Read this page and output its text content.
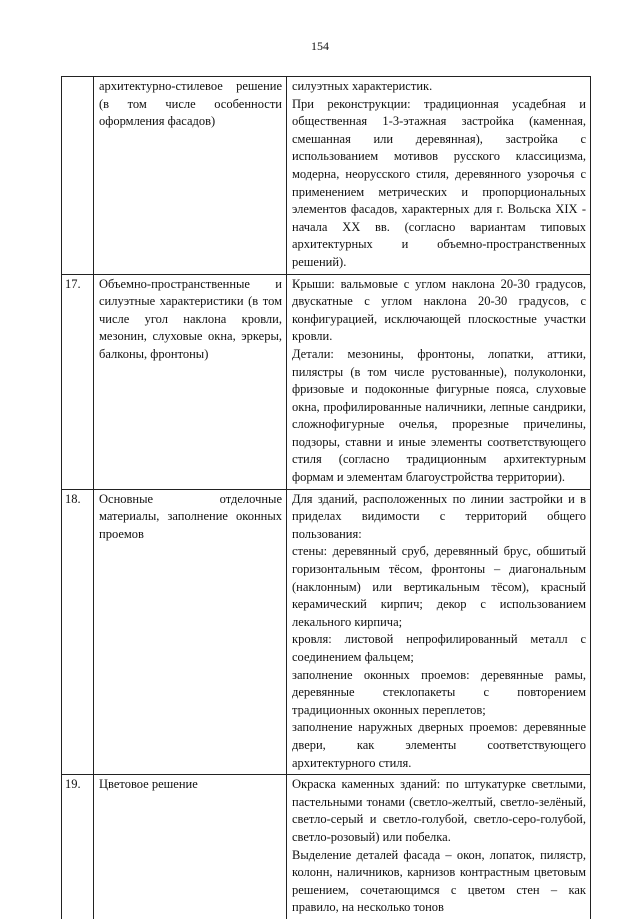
154
	архитектурно-стилевое решение (в том числе особенности оформления фасадов)	силуэтных характеристик.
При реконструкции: традиционная усадебная и общественная 1-3-этажная застройка (каменная, смешанная или деревянная), застройка с использованием мотивов русского классицизма, модерна, неорусского стиля, деревянного узорочья с применением метрических и пропорциональных элементов фасадов, характерных для г. Вольска XIX - начала XX вв. (согласно вариантам типовых архитектурных и объемно-пространственных решений).

17.	Объемно-пространственные и силуэтные характеристики (в том числе угол наклона кровли, мезонин, слуховые окна, эркеры, балконы, фронтоны)	Крыши: вальмовые с углом наклона 20-30 градусов, двускатные с углом наклона 20-30 градусов, с конфигурацией, исключающей плоскостные участки кровли.
Детали: мезонины, фронтоны, лопатки, аттики, пилястры (в том числе рустованные), полуколонки, фризовые и подоконные фигурные пояса, слуховые окна, профилированные наличники, лепные сандрики, сложнофигурные очелья, прорезные причелины, подзоры, ставни и иные элементы соответствующего стиля (согласно традиционным архитектурным формам и элементам благоустройства территории).

18.	Основные отделочные материалы, заполнение оконных проемов	Для зданий, расположенных по линии застройки и в приделах видимости с территорий общего пользования:
стены: деревянный сруб, деревянный брус, обшитый горизонтальным тёсом, фронтоны – диагональным (наклонным) или вертикальным тёсом), красный керамический кирпич; декор с использованием лекального кирпича;
кровля: листовой непрофилированный металл с соединением фальцем;
заполнение оконных проемов: деревянные рамы, деревянные стеклопакеты с повторением традиционных оконных переплетов;
заполнение наружных дверных проемов: деревянные двери, как элементы соответствующего архитектурного стиля.

19.	Цветовое решение	Окраска каменных зданий: по штукатурке светлыми, пастельными тонами (светло-желтый, светло-зелёный, светло-серый и светло-голубой, светло-серо-голубой, светло-розовый) или побелка.
Выделение деталей фасада – окон, лопаток, пилястр, колонн, наличников, карнизов контрастным цветовым решением, сочетающимся с цветом стен – как правило, на несколько тонов
